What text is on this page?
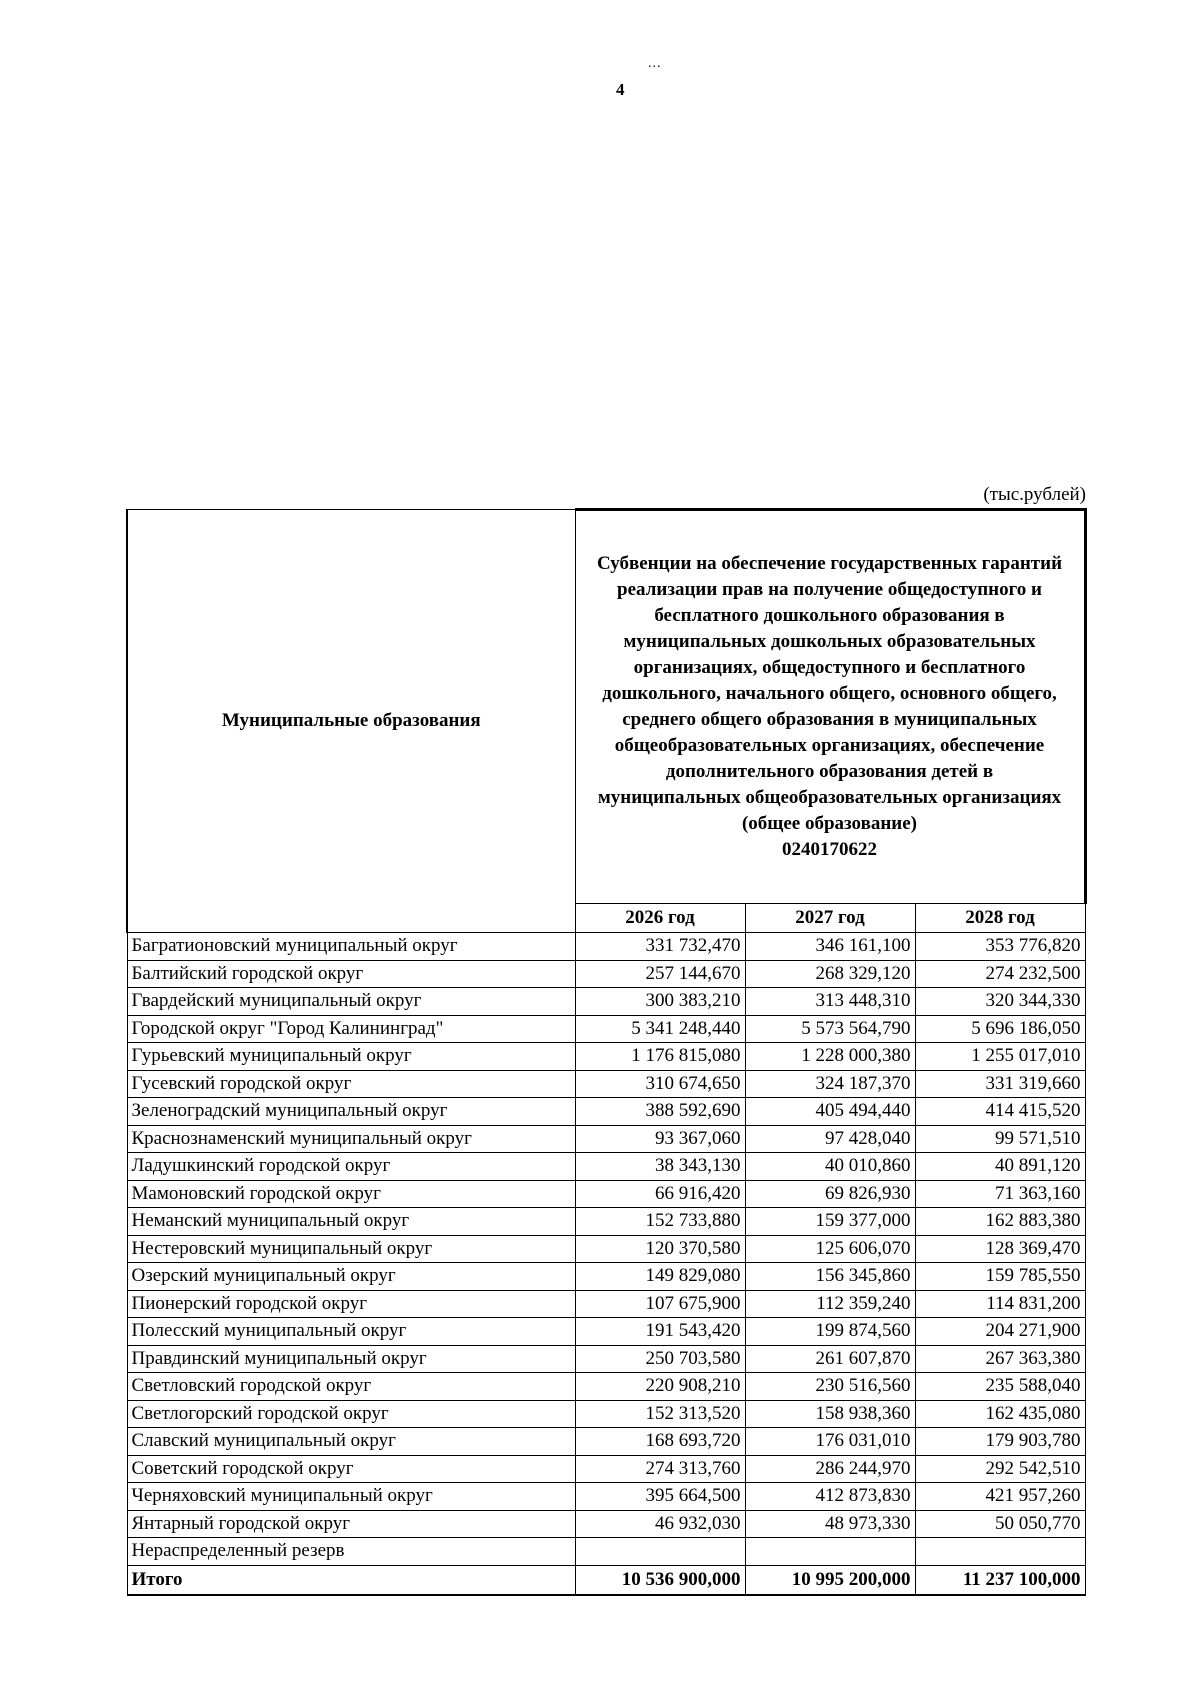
...
4
(тыс.рублей)
Муниципальные образования	Субвенции на обеспечение государственных гарантий реализации прав на получение общедоступного и бесплатного дошкольного образования в муниципальных дошкольных образовательных организациях, общедоступного и бесплатного дошкольного, начального общего, основного общего, среднего общего образования в муниципальных общеобразовательных организациях, обеспечение дополнительного образования детей в муниципальных общеобразовательных организациях (общее образование)
0240170622		

	2026 год	2027 год	2028 год
Багратионовский муниципальный округ	331 732,470	346 161,100	353 776,820
Балтийский городской округ	257 144,670	268 329,120	274 232,500
Гвардейский муниципальный округ	300 383,210	313 448,310	320 344,330
Городской округ "Город Калининград"	5 341 248,440	5 573 564,790	5 696 186,050
Гурьевский муниципальный округ	1 176 815,080	1 228 000,380	1 255 017,010
Гусевский городской округ	310 674,650	324 187,370	331 319,660
Зеленоградский муниципальный округ	388 592,690	405 494,440	414 415,520
Краснознаменский муниципальный округ	93 367,060	97 428,040	99 571,510
Ладушкинский городской округ	38 343,130	40 010,860	40 891,120
Мамоновский городской округ	66 916,420	69 826,930	71 363,160
Неманский муниципальный округ	152 733,880	159 377,000	162 883,380
Нестеровский муниципальный округ	120 370,580	125 606,070	128 369,470
Озерский муниципальный округ	149 829,080	156 345,860	159 785,550
Пионерский городской округ	107 675,900	112 359,240	114 831,200
Полесский муниципальный округ	191 543,420	199 874,560	204 271,900
Правдинский муниципальный округ	250 703,580	261 607,870	267 363,380
Светловский городской округ	220 908,210	230 516,560	235 588,040
Светлогорский городской округ	152 313,520	158 938,360	162 435,080
Славский муниципальный округ	168 693,720	176 031,010	179 903,780
Советский городской округ	274 313,760	286 244,970	292 542,510
Черняховский муниципальный округ	395 664,500	412 873,830	421 957,260
Янтарный городской округ	46 932,030	48 973,330	50 050,770
Нераспределенный резерв			
Итого	10 536 900,000	10 995 200,000	11 237 100,000
